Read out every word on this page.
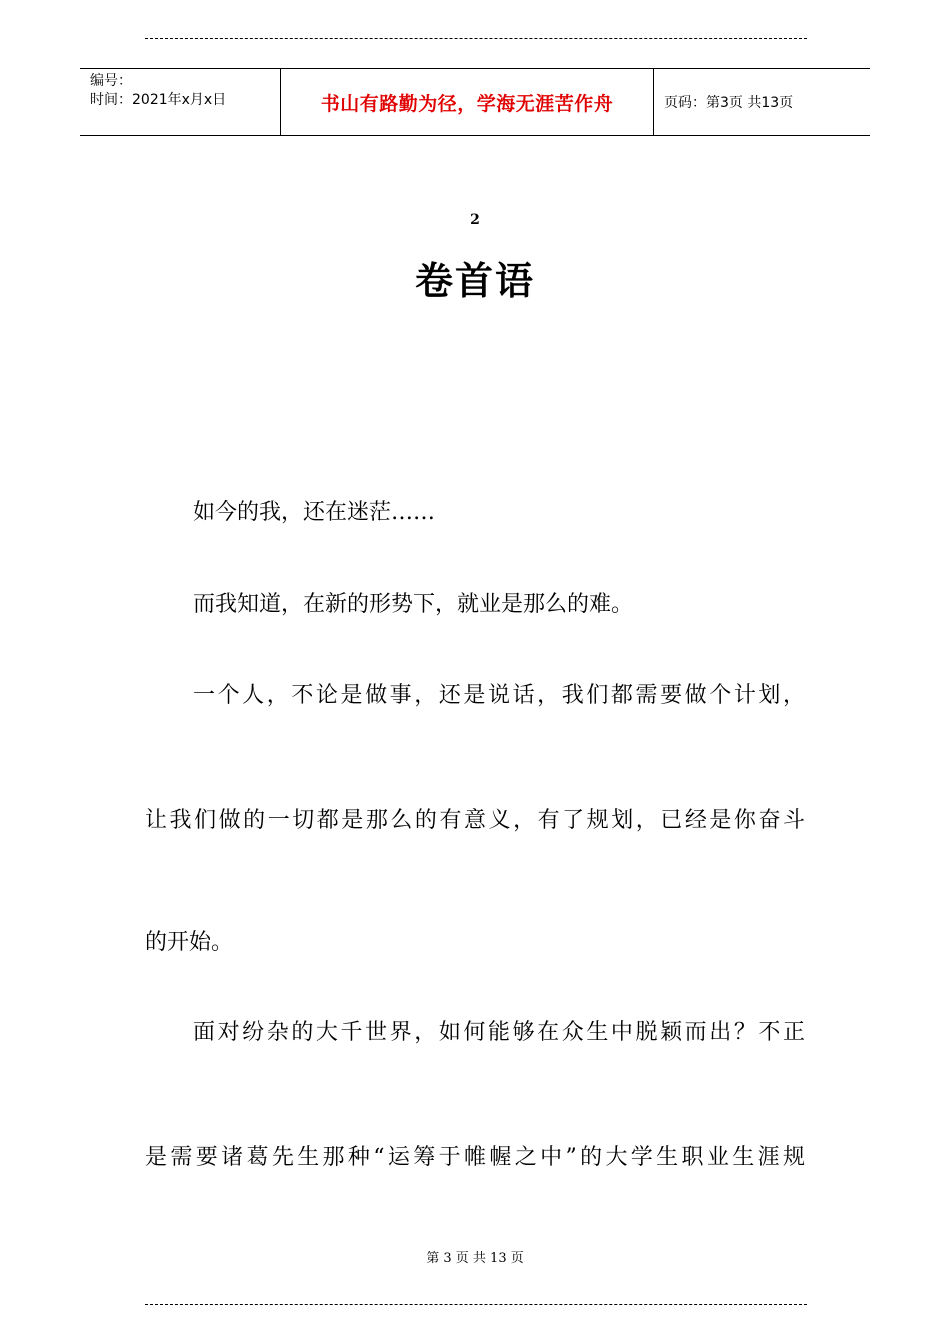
编号：
时间：2021年x月x日	书山有路勤为径，学海无涯苦作舟	页码：第3页 共13页
2
卷首语
如今的我，还在迷茫……
而我知道，在新的形势下，就业是那么的难。
一个人，不论是做事，还是说话，我们都需要做个计划，
让我们做的一切都是那么的有意义，有了规划，已经是你奋斗
的开始。
面对纷杂的大千世界，如何能够在众生中脱颖而出？不正
是需要诸葛先生那种“运筹于帷幄之中”的大学生职业生涯规
第 3 页 共 13 页
